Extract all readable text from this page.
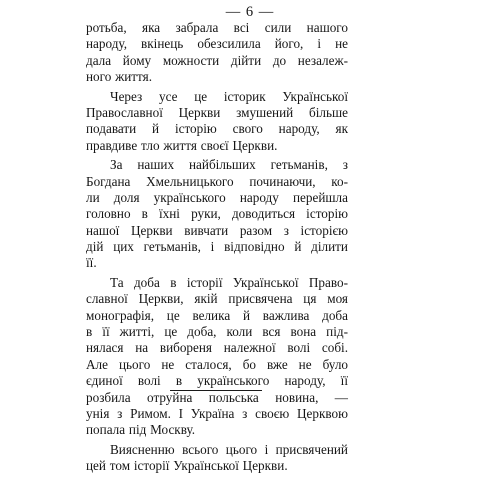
— 6 —
ротьба, яка забрала всі сили нашого
народу, вкінець обезсилила його, і не
дала йому можности дійти до незалеж-
ного життя.
Через усе це історик Української
Православної Церкви змушений більше
подавати й історію свого народу, як
правдиве тло життя своєї Церкви.
За наших найбільших гетьманів, з
Богдана Хмельницького починаючи, ко-
ли доля українського народу перейшла
головно в їхні руки, доводиться історію
нашої Церкви вивчати разом з історією
дій цих гетьманів, і відповідно й ділити
її.
Та доба в історії Української Право-
славної Церкви, якій присвячена ця моя
монографія, це велика й важлива доба
в її житті, це доба, коли вся вона під-
нялася на вибореня належної волі собі.
Але цього не сталося, бо вже не було
єдиної волі в українського народу, її
розбила отруйна польська новина, —
унія з Римом. І Україна з своєю Церквою
попала під Москву.
Виясненню всього цього і присвячений
цей том історії Української Церкви.
